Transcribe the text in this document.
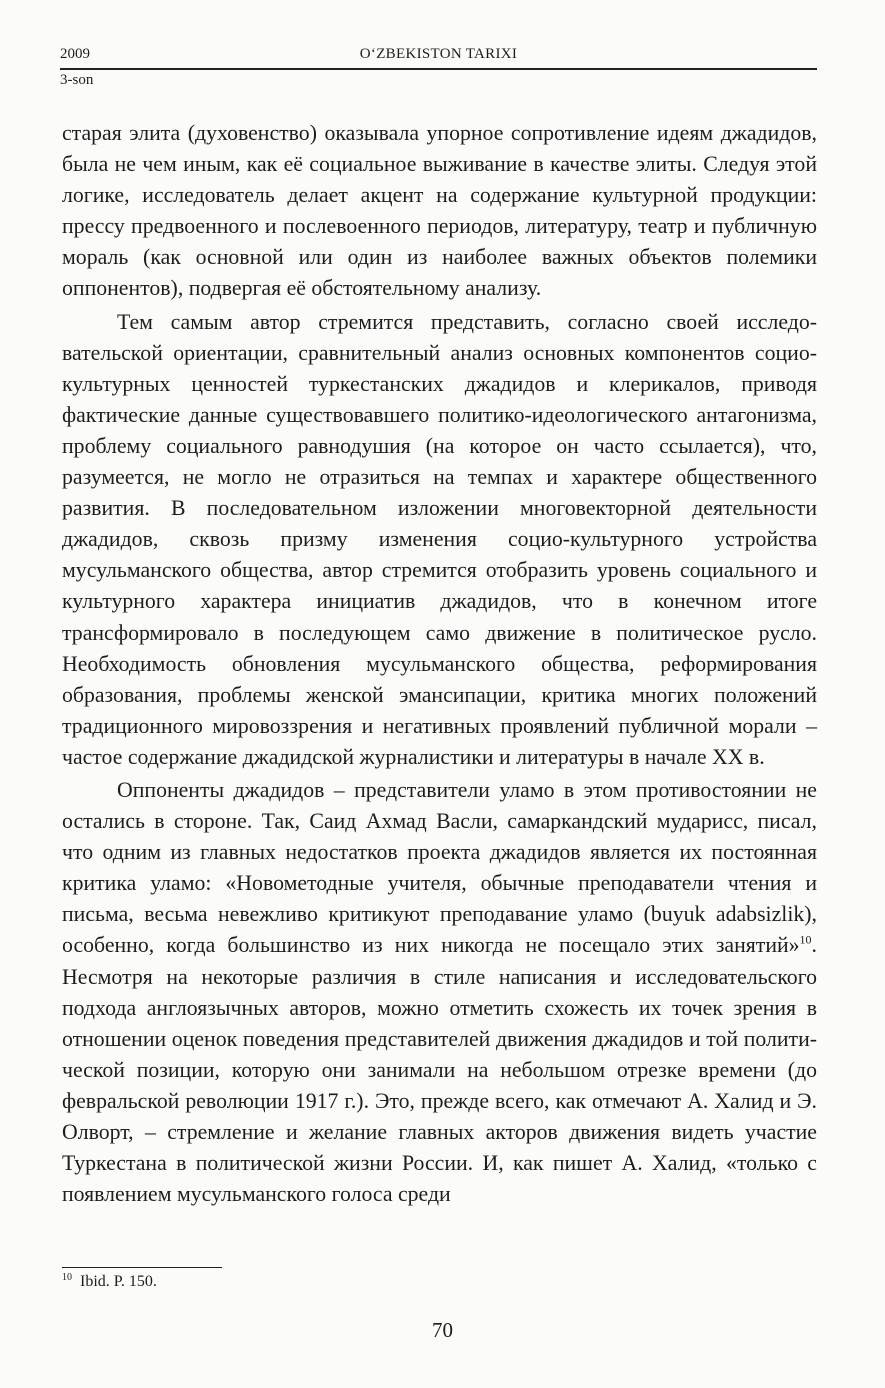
2009	O‘ZBEKISTON TARIXI
3-son

старая элита (духовенство) оказывала упорное сопротивление идеям джадидов, была не чем иным, как её социальное выживание в качестве элиты. Следуя этой логике, исследователь делает акцент на содержание культурной продукции: прессу предвоенного и послевоенного периодов, литературу, театр и публичную мораль (как основной или один из наиболее важных объектов полемики оппонентов), подвергая её обстоятельному анализу.

Тем самым автор стремится представить, согласно своей исследовательской ориентации, сравнительный анализ основных компонентов социо-культурных ценностей туркестанских джадидов и клерикалов, приводя фактические данные существовавшего политико-идеологического антагонизма, проблему социального равнодушия (на которое он часто ссылается), что, разумеется, не могло не отразиться на темпах и характере общественного развития. В последовательном изложении многовекторной деятельности джадидов, сквозь призму изменения социо-культурного устройства мусульманского общества, автор стремится отобразить уровень социального и культурного характера инициатив джадидов, что в конечном итоге трансформировало в последующем само движение в политическое русло. Необходимость обновления мусульманского общества, реформирования образования, проблемы женской эмансипации, критика многих положений традиционного мировоззрения и негативных проявлений публичной морали – частое содержание джадидской журналистики и литературы в начале XX в.

Оппоненты джадидов – представители уламо в этом противостоянии не остались в стороне. Так, Саид Ахмад Васли, самаркандский мударисс, писал, что одним из главных недостатков проекта джадидов является их постоянная критика уламо: «Новометодные учителя, обычные преподаватели чтения и письма, весьма невежливо критикуют преподавание уламо (buyuk adabsizlik), особенно, когда большинство из них никогда не посещало этих занятий»$^{10}$. Несмотря на некоторые различия в стиле написания и исследовательского подхода англоязычных авторов, можно отметить схожесть их точек зрения в отношении оценок поведения представителей движения джадидов и той политической позиции, которую они занимали на небольшом отрезке времени (до февральской революции 1917 г.). Это, прежде всего, как отмечают А. Халид и Э. Олворт, – стремление и желание главных акторов движения видеть участие Туркестана в политической жизни России. И, как пишет А. Халид, «только с появлением мусульманского голоса среди

$^{10}$ Ibid. P. 150.
70
